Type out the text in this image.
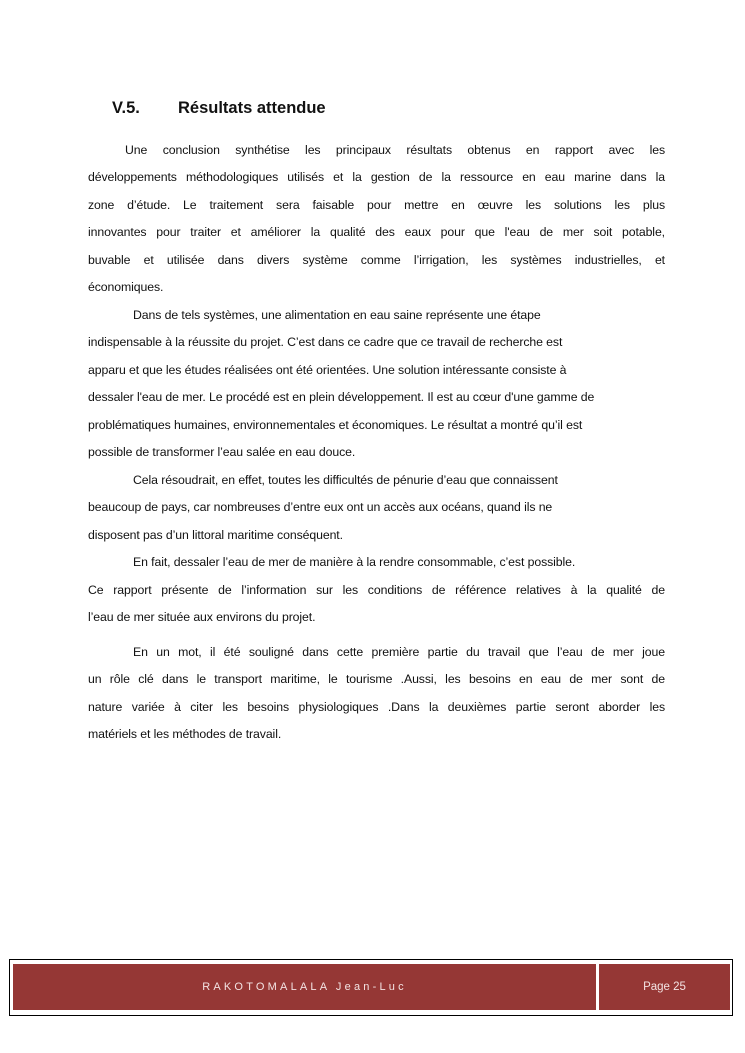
V.5. Résultats attendue
Une conclusion synthétise les principaux résultats obtenus en rapport avec les
développements méthodologiques utilisés et la gestion de la ressource en eau marine dans la
zone d’étude. Le traitement sera faisable pour mettre en œuvre les solutions les plus
innovantes pour traiter et améliorer la qualité des eaux pour que l'eau de mer soit potable,
buvable et utilisée dans divers système comme l’irrigation, les systèmes industrielles, et
économiques.
Dans de tels systèmes, une alimentation en eau saine représente une étape
indispensable à la réussite du projet. C’est dans ce cadre que ce travail de recherche est
apparu et que les études réalisées ont été orientées. Une solution intéressante consiste à
dessaler l'eau de mer. Le procédé est en plein développement. Il est au cœur d'une gamme de
problématiques humaines, environnementales et économiques. Le résultat a montré qu’il est
possible de transformer l’eau salée en eau douce.
Cela résoudrait, en effet, toutes les difficultés de pénurie d’eau que connaissent
beaucoup de pays, car nombreuses d’entre eux ont un accès aux océans, quand ils ne
disposent pas d’un littoral maritime conséquent.
En fait, dessaler l’eau de mer de manière à la rendre consommable, c’est possible.
Ce rapport présente de l’information sur les conditions de référence relatives à la qualité de
l’eau de mer située aux environs du projet.
En un mot, il été souligné dans cette première partie du travail que l’eau de mer joue
un rôle clé dans le transport maritime, le tourisme .Aussi, les besoins en eau de mer sont de
nature variée à citer les besoins physiologiques .Dans la deuxièmes partie seront aborder les
matériels et les méthodes de travail.
RAKOTOMALALA Jean-Luc	Page 25
